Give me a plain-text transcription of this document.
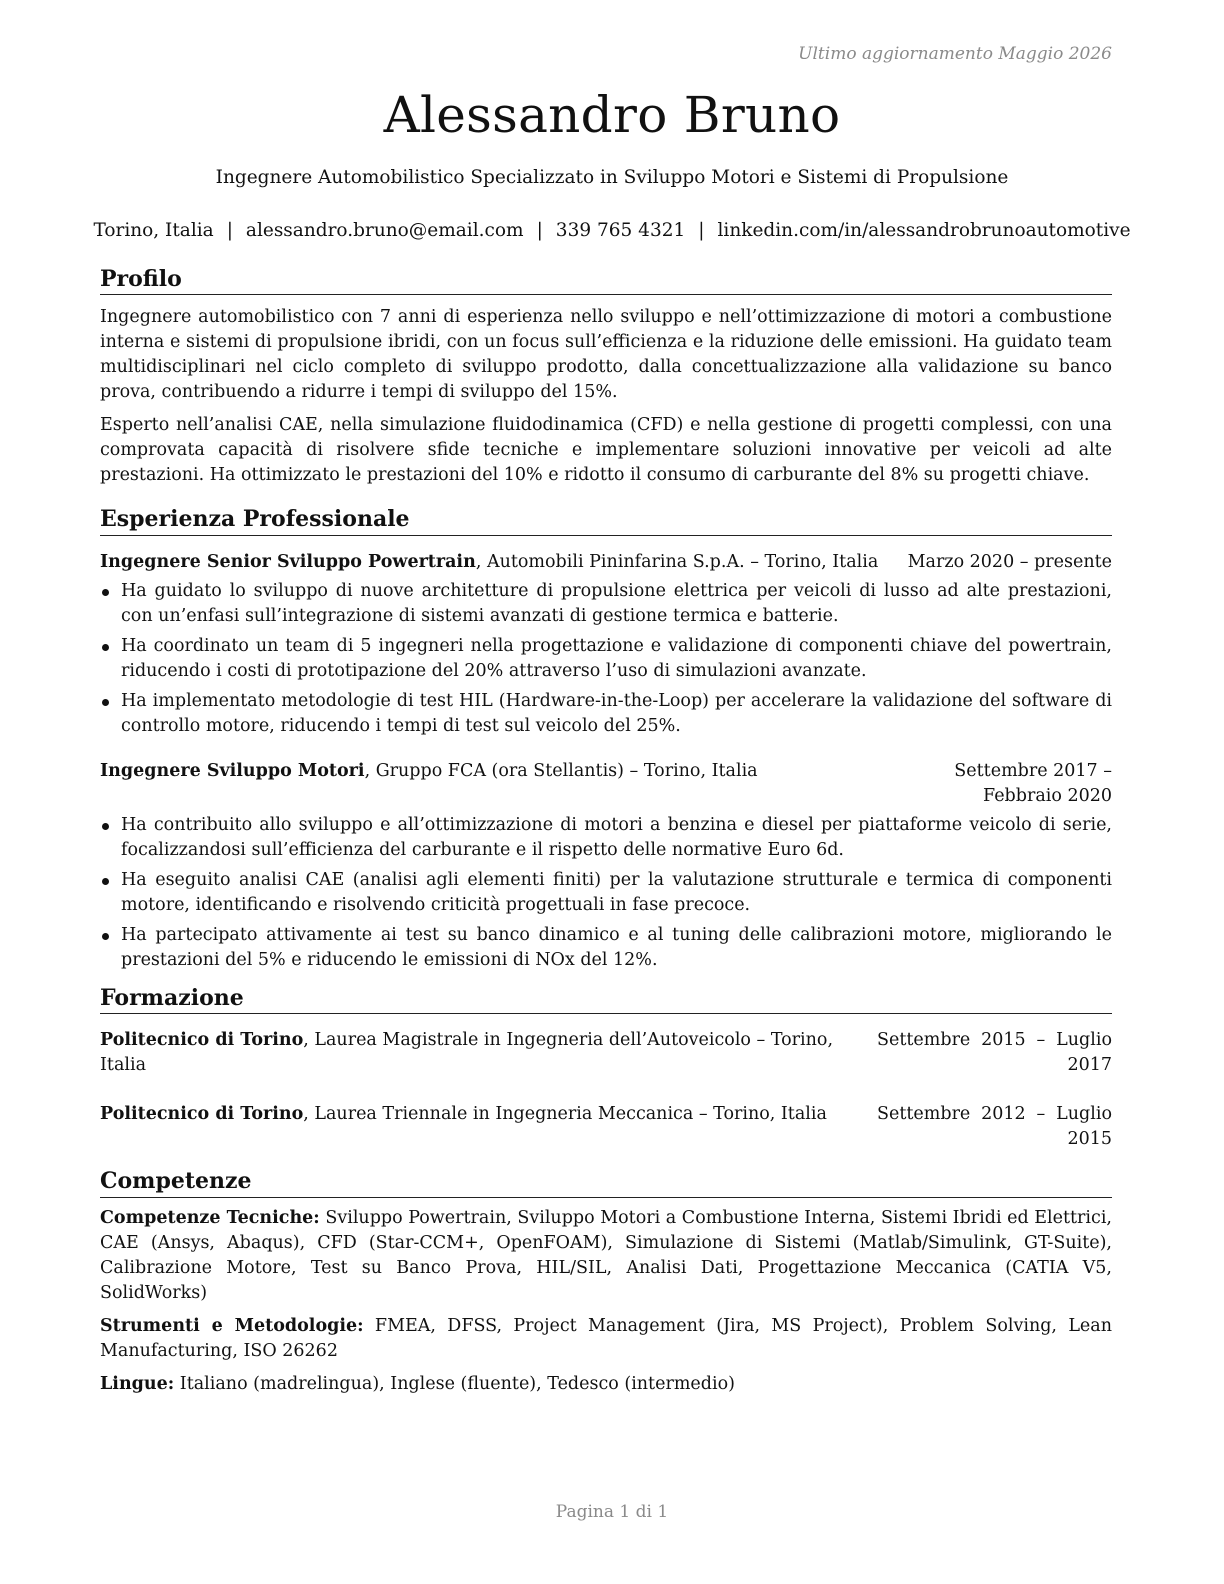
Ultimo aggiornamento Maggio 2026
Alessandro Bruno
Ingegnere Automobilistico Specializzato in Sviluppo Motori e Sistemi di Propulsione
Torino, Italia | alessandro.bruno@email.com | 339 765 4321 | linkedin.com/in/alessandrobrunoautomotive
Profilo

Ingegnere automobilistico con 7 anni di esperienza nello sviluppo e nell’ottimizzazione di motori a combustione interna e sistemi di propulsione ibridi, con un focus sull’efficienza e la riduzione delle emissioni. Ha guidato team multidisciplinari nel ciclo completo di sviluppo prodotto, dalla concettualizzazione alla validazione su banco prova, contribuendo a ridurre i tempi di sviluppo del 15%.

Esperto nell’analisi CAE, nella simulazione fluidodinamica (CFD) e nella gestione di progetti complessi, con una comprovata capacità di risolvere sfide tecniche e implementare soluzioni innovative per veicoli ad alte prestazioni. Ha ottimizzato le prestazioni del 10% e ridotto il consumo di carburante del 8% su progetti chiave.

Esperienza Professionale
Ingegnere Senior Sviluppo Powertrain, Automobili Pininfarina S.p.A. – Torino, Italia	Marzo 2020 – presente
Ha guidato lo sviluppo di nuove architetture di propulsione elettrica per veicoli di lusso ad alte prestazioni, con un’enfasi sull’integrazione di sistemi avanzati di gestione termica e batterie.
Ha coordinato un team di 5 ingegneri nella progettazione e validazione di componenti chiave del powertrain, riducendo i costi di prototipazione del 20% attraverso l’uso di simulazioni avanzate.
Ha implementato metodologie di test HIL (Hardware-in-the-Loop) per accelerare la validazione del software di controllo motore, riducendo i tempi di test sul veicolo del 25%.
Ingegnere Sviluppo Motori, Gruppo FCA (ora Stellantis) – Torino, Italia	Settembre 2017 – Febbraio 2020
Ha contribuito allo sviluppo e all’ottimizzazione di motori a benzina e diesel per piattaforme veicolo di serie, focalizzandosi sull’efficienza del carburante e il rispetto delle normative Euro 6d.
Ha eseguito analisi CAE (analisi agli elementi finiti) per la valutazione strutturale e termica di componenti motore, identificando e risolvendo criticità progettuali in fase precoce.
Ha partecipato attivamente ai test su banco dinamico e al tuning delle calibrazioni motore, migliorando le prestazioni del 5% e riducendo le emissioni di NOx del 12%.
Formazione
Politecnico di Torino, Laurea Magistrale in Ingegneria dell’Autoveicolo – Torino, Italia
Settembre 2015 – Luglio 2017
Politecnico di Torino, Laurea Triennale in Ingegneria Meccanica – Torino, Italia	Settembre 2012 – Luglio 2015
Competenze
Competenze Tecniche: Sviluppo Powertrain, Sviluppo Motori a Combustione Interna, Sistemi Ibridi ed Elettrici, CAE (Ansys, Abaqus), CFD (Star-CCM+, OpenFOAM), Simulazione di Sistemi (Matlab/Simulink, GT-Suite), Calibrazione Motore, Test su Banco Prova, HIL/SIL, Analisi Dati, Progettazione Meccanica (CATIA V5, SolidWorks)
Strumenti e Metodologie: FMEA, DFSS, Project Management (Jira, MS Project), Problem Solving, Lean Manufacturing, ISO 26262
Lingue: Italiano (madrelingua), Inglese (fluente), Tedesco (intermedio)
Pagina 1 di 1
